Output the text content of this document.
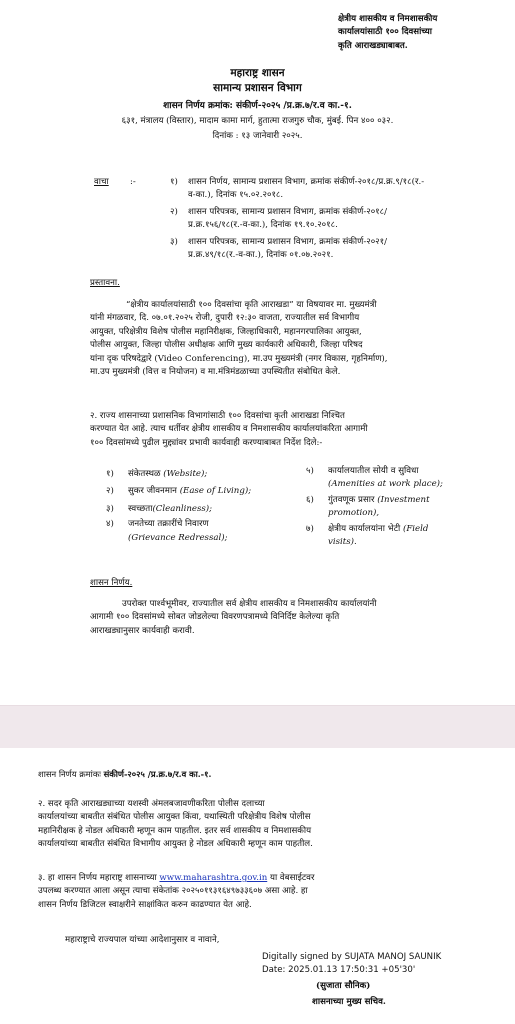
क्षेत्रीय शासकीय व निमशासकीय
कार्यालयांसाठी १०० दिवसांच्या
कृति आराखड्याबाबत.
महाराष्ट्र शासन
सामान्य प्रशासन विभाग
शासन निर्णय क्रमांक: संकीर्ण-२०२५ /प्र.क्र.७/र.व का.-१.
६३१, मंत्रालय (विस्तार), मादाम कामा मार्ग, हुतात्मा राजगुरु चौक, मुंबई. पिन ४०० ०३२.
दिनांक : १३ जानेवारी २०२५.
वाचा :-	१) शासन निर्णय, सामान्य प्रशासन विभाग, क्रमांक संकीर्ण-२०१८/प्र.क्र.९/१८(र.-
व-का.), दिनांक १५.०२.२०१८.
२) शासन परिपत्रक, सामान्य प्रशासन विभाग, क्रमांक संकीर्ण-२०१८/
प्र.क्र.१५६/१८(र.-व-का.), दिनांक १९.१०.२०१८.
३) शासन परिपत्रक, सामान्य प्रशासन विभाग, क्रमांक संकीर्ण-२०२१/
प्र.क्र.४९/१८(र.-व-का.), दिनांक ०१.०७.२०२१.
प्रस्तावना.
“क्षेत्रीय कार्यालयांसाठी १०० दिवसांचा कृति आराखडा” या विषयावर मा. मुख्यमंत्री
यांनी मंगळवार, दि. ०७.०१.२०२५ रोजी, दुपारी १२:३० वाजता, राज्यातील सर्व विभागीय
आयुक्त, परिक्षेत्रीय विशेष पोलीस महानिरीक्षक, जिल्हाधिकारी, महानगरपालिका आयुक्त,
पोलीस आयुक्त, जिल्हा पोलीस अधीक्षक आणि मुख्य कार्यकारी अधिकारी, जिल्हा परिषद
यांना दृक परिषदेद्वारे (Video Conferencing), मा.उप मुख्यमंत्री (नगर विकास, गृहनिर्माण),
मा.उप मुख्यमंत्री (वित्त व नियोजन) व मा.मंत्रिमंडळाच्या उपस्थितीत संबोधित केले.
२. राज्य शासनाच्या प्रशासनिक विभागांसाठी १०० दिवसांचा कृती आराखडा निश्चित
करण्यात येत आहे. त्याच धर्तीवर क्षेत्रीय शासकीय व निमशासकीय कार्यालयांकरिता आगामी
१०० दिवसांमध्ये पुढील मुद्द्यांवर प्रभावी कार्यवाही करण्याबाबत निर्देश दिले:-
१) संकेतस्थळ (Website);
२) सुकर जीवनमान (Ease of Living);
३) स्वच्छता(Cleanliness);
४) जनतेच्या तक्रारींचे निवारण
(Grievance Redressal);
५) कार्यालयातील सोयी व सुविधा
(Amenities at work place);
६) गुंतवणूक प्रसार (Investment
promotion),
७) क्षेत्रीय कार्यालयांना भेटी (Field
visits).
शासन निर्णय.
उपरोक्त पार्श्वभूमीवर, राज्यातील सर्व क्षेत्रीय शासकीय व निमशासकीय कार्यालयांनी
आगामी १०० दिवसांमध्ये सोबत जोडलेल्या विवरणपत्रामध्ये विनिर्दिष्ट केलेल्या कृति
आराखड्यानुसार कार्यवाही करावी.
शासन निर्णय क्रमांकः संकीर्ण-२०२५ /प्र.क्र.७/र.व का.-१.
२. सदर कृति आराखड्याच्या यशस्वी अंमलबजावणीकरिता पोलीस दलाच्या
कार्यालयांच्या बाबतीत संबंधित पोलीस आयुक्त किंवा, यथास्थिती परिक्षेत्रीय विशेष पोलीस
महानिरीक्षक हे नोडल अधिकारी म्हणून काम पाहतील. इतर सर्व शासकीय व निमशासकीय
कार्यालयांच्या बाबतीत संबंधित विभागीय आयुक्त हे नोडल अधिकारी म्हणून काम पाहतील.
३. हा शासन निर्णय महाराष्ट्र शासनाच्या www.maharashtra.gov.in या वेबसाईटवर
उपलब्ध करण्यात आला असून त्याचा संकेतांक २०२५०११३१६४९७३३६०७ असा आहे. हा
शासन निर्णय डिजिटल स्वाक्षरीने साक्षांकित करुन काढण्यात येत आहे.
महाराष्ट्राचे राज्यपाल यांच्या आदेशानुसार व नावाने,
Digitally signed by SUJATA MANOJ SAUNIK
Date: 2025.01.13 17:50:31 +05'30'
(सुजाता सौनिक)
शासनाच्या मुख्य सचिव.
